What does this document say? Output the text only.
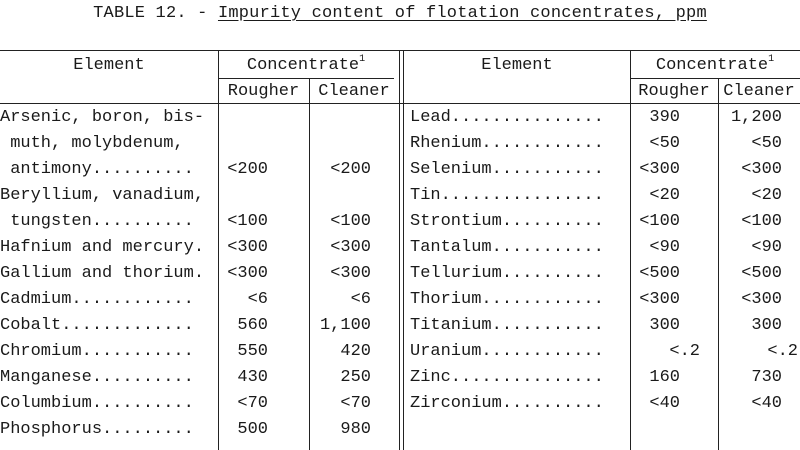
TABLE 12. - Impurity content of flotation concentrates, ppm
Element	Concentrate$^1$
Rougher	Cleaner
Element	Concentrate$^1$
Rougher Cleaner
Arsenic, boron, bis-
muth, molybdenum,
antimony..........	<200	<200
Beryllium, vanadium,
tungsten..........	<100	<100
Hafnium and mercury.	<300	<300
Gallium and thorium.	<300	<300
Cadmium............	<6	<6
Cobalt.............	560	1,100
Chromium...........	550	420
Manganese..........	430	250
Columbium..........	<70	<70
Phosphorus.........	500	980
Lead...............	390	1,200
Rhenium............	<50	<50
Selenium...........	<300	<300
Tin................	<20	<20
Strontium..........	<100	<100
Tantalum...........	<90	<90
Tellurium..........	<500	<500
Thorium............	<300	<300
Titanium...........	300	300
Uranium............	<.2	<.2
Zinc...............	160	730
Zirconium..........	<40	<40
